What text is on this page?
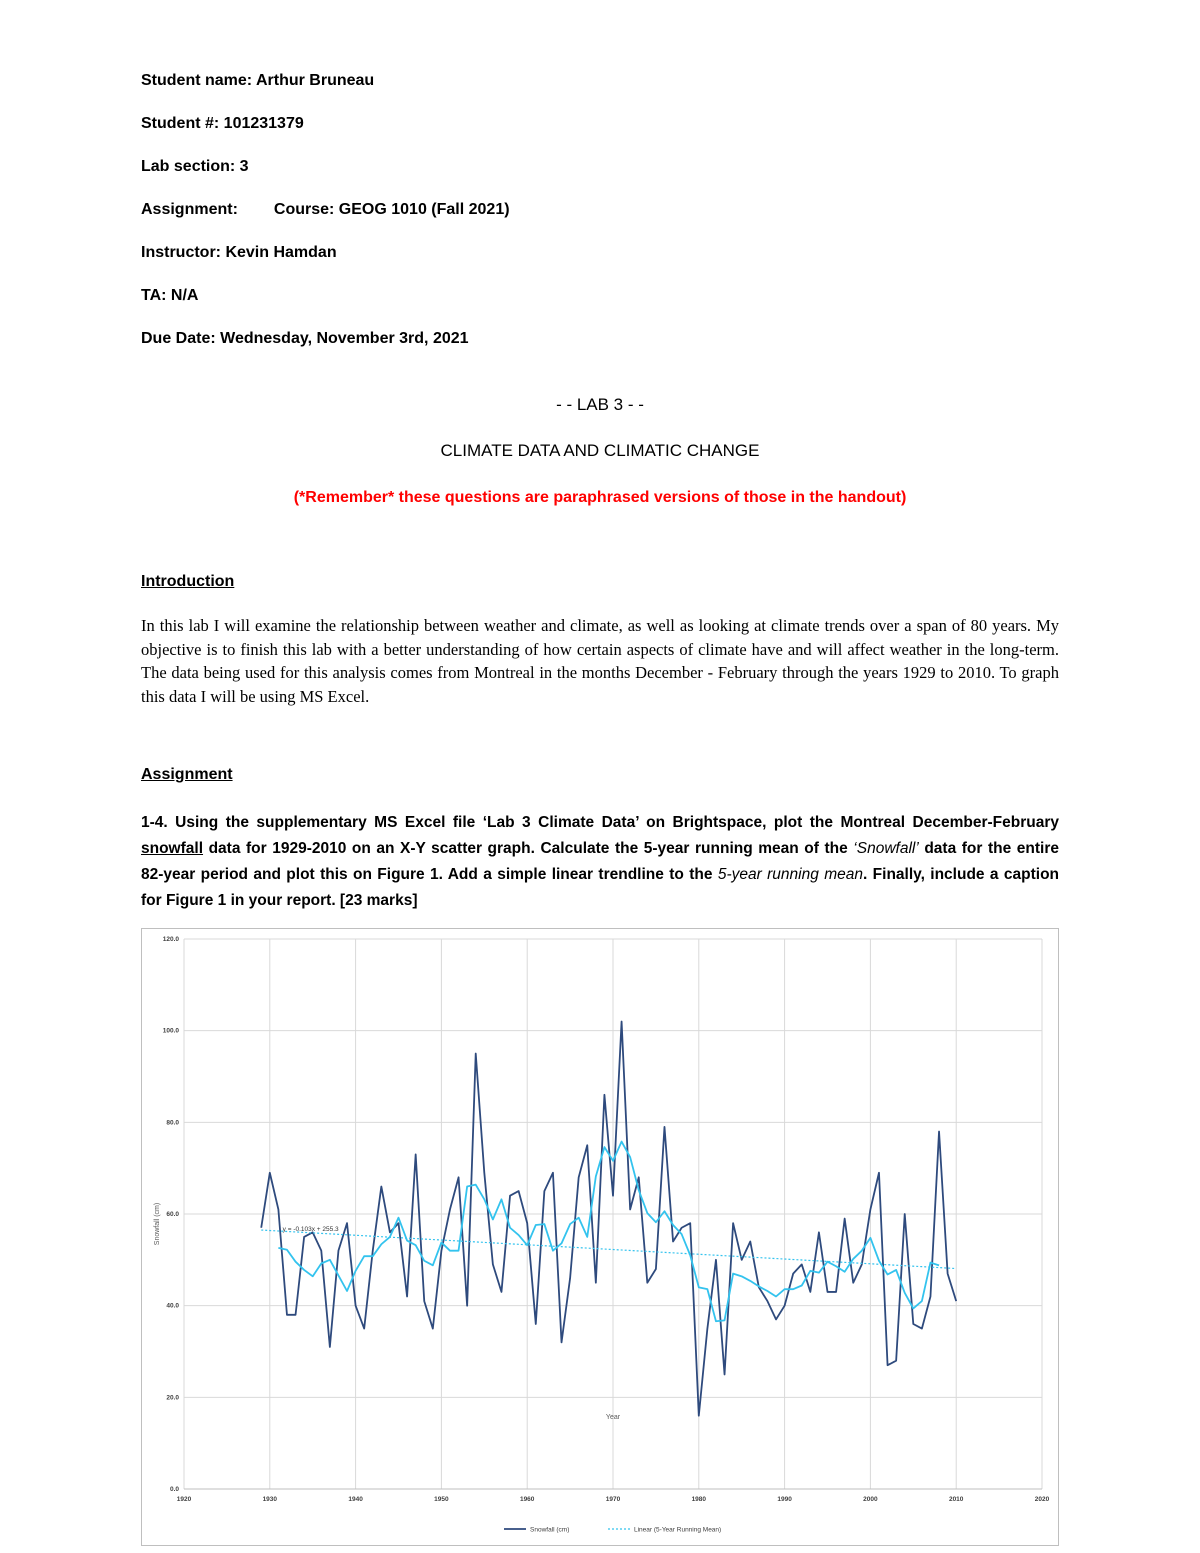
Student name: Arthur Bruneau
Student #: 101231379
Lab section: 3
Assignment: Course: GEOG 1010 (Fall 2021)
Instructor: Kevin Hamdan
TA: N/A
Due Date: Wednesday, November 3rd, 2021
- - LAB 3 - -
CLIMATE DATA AND CLIMATIC CHANGE
(*Remember* these questions are paraphrased versions of those in the handout)
Introduction
In this lab I will examine the relationship between weather and climate, as well as looking at climate trends over a span of 80 years. My objective is to finish this lab with a better understanding of how certain aspects of climate have and will affect weather in the long-term. The data being used for this analysis comes from Montreal in the months December - February through the years 1929 to 2010. To graph this data I will be using MS Excel.
Assignment
1-4. Using the supplementary MS Excel file ‘Lab 3 Climate Data’ on Brightspace, plot the Montreal December-February snowfall data for 1929-2010 on an X-Y scatter graph. Calculate the 5-year running mean of the ‘Snowfall’ data for the entire 82-year period and plot this on Figure 1. Add a simple linear trendline to the 5-year running mean. Finally, include a caption for Figure 1 in your report. [23 marks]
1920	1930	1940	1950	1960	1970	1980	1990	2000	2010	2020
0.0
20.0
40.0
60.0
80.0
100.0
120.0
y = -0.103x + 255.3
Year
Snowfall (cm)
Snowfall (cm)	Linear (5-Year Running Mean)
